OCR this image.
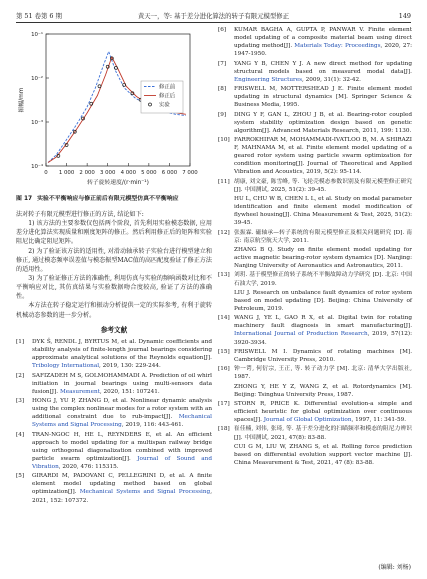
第 51 卷第 6 期	黄天一，等: 基于差分进化算法的转子有限元模型修正	149
10⁻¹
10⁻²
10⁻³
10⁻⁴
0 1 000 2 000 3 000 4 000 5 000 6 000 7 000
转子旋转速度/(r·min⁻¹)
振幅/mm
修正前
修正后
实验
图 17 实验不平衡响应与修正前后有限元模型仿真不平衡响应

法对转子有限元模型进行修正的方法, 结论如下:

1) 该方法的主要参数仅包括两个阶段, 首先利用实验模态数据, 应用差分进化算法实现质量和刚度矩阵的修正。然后利用修正后的矩阵和实验阻尼比确定阻尼矩阵。

2) 为了验证该方法的适用性, 对滑动轴承转子实验台进行模型建立和修正, 通过模态频率误差值与模态振型MAC值的高匹配度验证了修正方法的适用性。

3) 为了验证修正方法的准确性, 利用仿真与实验的频响函数对比和不平衡响应对比, 其仿真结果与实验数据吻合度较高, 验证了方法的准确性。

本方法在转子稳定运行和振动分析提供一定的实际参考, 有利于旋转机械动态参数的进一步分析。

参考文献
[1]	DYK Š, RENDL J, BYRTUS M, et al. Dynamic coefficients and stability analysis of finite-length journal bearings considering approximate analytical solutions of the Reynolds equation[J]. Tribology International, 2019, 130: 229-244.
[2]	SAFIZADEH M S, GOLMOHAMMADI A. Prediction of oil whirl initiation in journal bearings using multi-sensors data fusion[J]. Measurement, 2020, 151: 107241.
[3]	HONG J, YU P, ZHANG D, et al. Nonlinear dynamic analysis using the complex nonlinear modes for a rotor system with an additional constraint due to rub-impact[J]. Mechanical Systems and Signal Processing, 2019, 116: 443-461.
[4]	TRAN-NGOC H, HE L, REYNDERS E, et al. An efficient approach to model updating for a multispan railway bridge using orthogonal diagonalization combined with improved particle swarm optimization[J]. Journal of Sound and Vibration, 2020, 476: 115315.
[5]	GIRARDI M, PADOVANI C, PELLEGRINI D, et al. A finite element model updating method based on global optimization[J]. Mechanical Systems and Signal Processing, 2021, 152: 107372.
[6]	KUMAR BAGHA A, GUPTA P, PANWAR V. Finite element model updating of a composite material beam using direct updating method[J]. Materials Today: Proceedings, 2020, 27: 1947-1950.
[7]	YANG Y B, CHEN Y J. A new direct method for updating structural models based on measured modal data[J]. Engineering Structures, 2009, 31(1): 32-42.
[8]	FRISWELL M, MOTTERSHEAD J E. Finite element model updating in structural dynamics [M]. Springer Science & Business Media, 1995.
[9]	DING Y F, GAN L, ZHOU J B, et al. Bearing-rotor coupled system stability optimization design based on genetic algorithm[J]. Advanced Materials Research, 2011, 199: 1130.
[10] FARROKHIFAR M, MOHAMMADI-IVATLOO B, M. A SHIRAZI F, MAHNAMA M, et al. Finite element model updating of a geared rotor system using particle swarm optimization for condition monitoring[J]. Journal of Theoretical and Applied Vibration and Acoustics, 2019, 5(2): 95-114.
[11] 胡康, 刘文豪, 陈雪峰, 等. 飞轮壳模态参数识别及有限元模型修正研究 [J]. 中国测试, 2025, 51(2): 39-45.
HU L, CHU W B, CHEN L L, et al. Study on modal parameter identification and finite element model modification of flywheel housing[J]. China Measurement & Test, 2025, 51(2): 39-45.
[12] 张振霖. 磁轴承—转子系统的有限元模型修正及相关问题研究 [D]. 南京: 南京航空航天大学, 2011.
ZHANG B Q. Study on finite element model updating for active magnetic bearing-rotor system dynamics [D]. Nanjing: Nanjing University of Aeronautics and Astronautics, 2011.
[13] 刘玥. 基于模型修正的转子系统不平衡故障动力学研究 [D]. 北京: 中国石油大学, 2019.
LIU J. Research on unbalance fault dynamics of rotor system based on model updating [D]. Beijing: China University of Petroleum, 2019.
[14] WANG J, YE L, GAO R X, et al. Digital twin for rotating machinery fault diagnosis in smart manufacturing[J]. International Journal of Production Research, 2019, 57(12): 3920-3934.
[15] FRISWELL M I. Dynamics of rotating machines [M]. Cambridge University Press, 2010.
[16] 钟一谔, 何衍宗, 王正, 等. 转子动力学 [M]. 北京: 清华大学出版社, 1987.
ZHONG Y, HE Y Z, WANG Z, et al. Rotordynamics [M]. Beijing: Tsinghua University Press, 1987.
[17] STORN R, PRICE K. Differential evolution-a simple and efficient heuristic for global optimization over continuous spaces[J]. Journal of Global Optimization, 1997, 11: 341-59.
[18] 崔佳楠, 刘伟, 张琦, 等. 基于差分进化的扫瞄频率和模态的阻尼力辨识 [J]. 中国测试, 2021, 47(8): 83-88.
CUI G M, LIU W, ZHANG S, et al. Rolling force prediction based on differential evolution support vector machine [J]. China Measurement & Test, 2021, 47 (8): 83-88.
(编辑: 刘杨)
